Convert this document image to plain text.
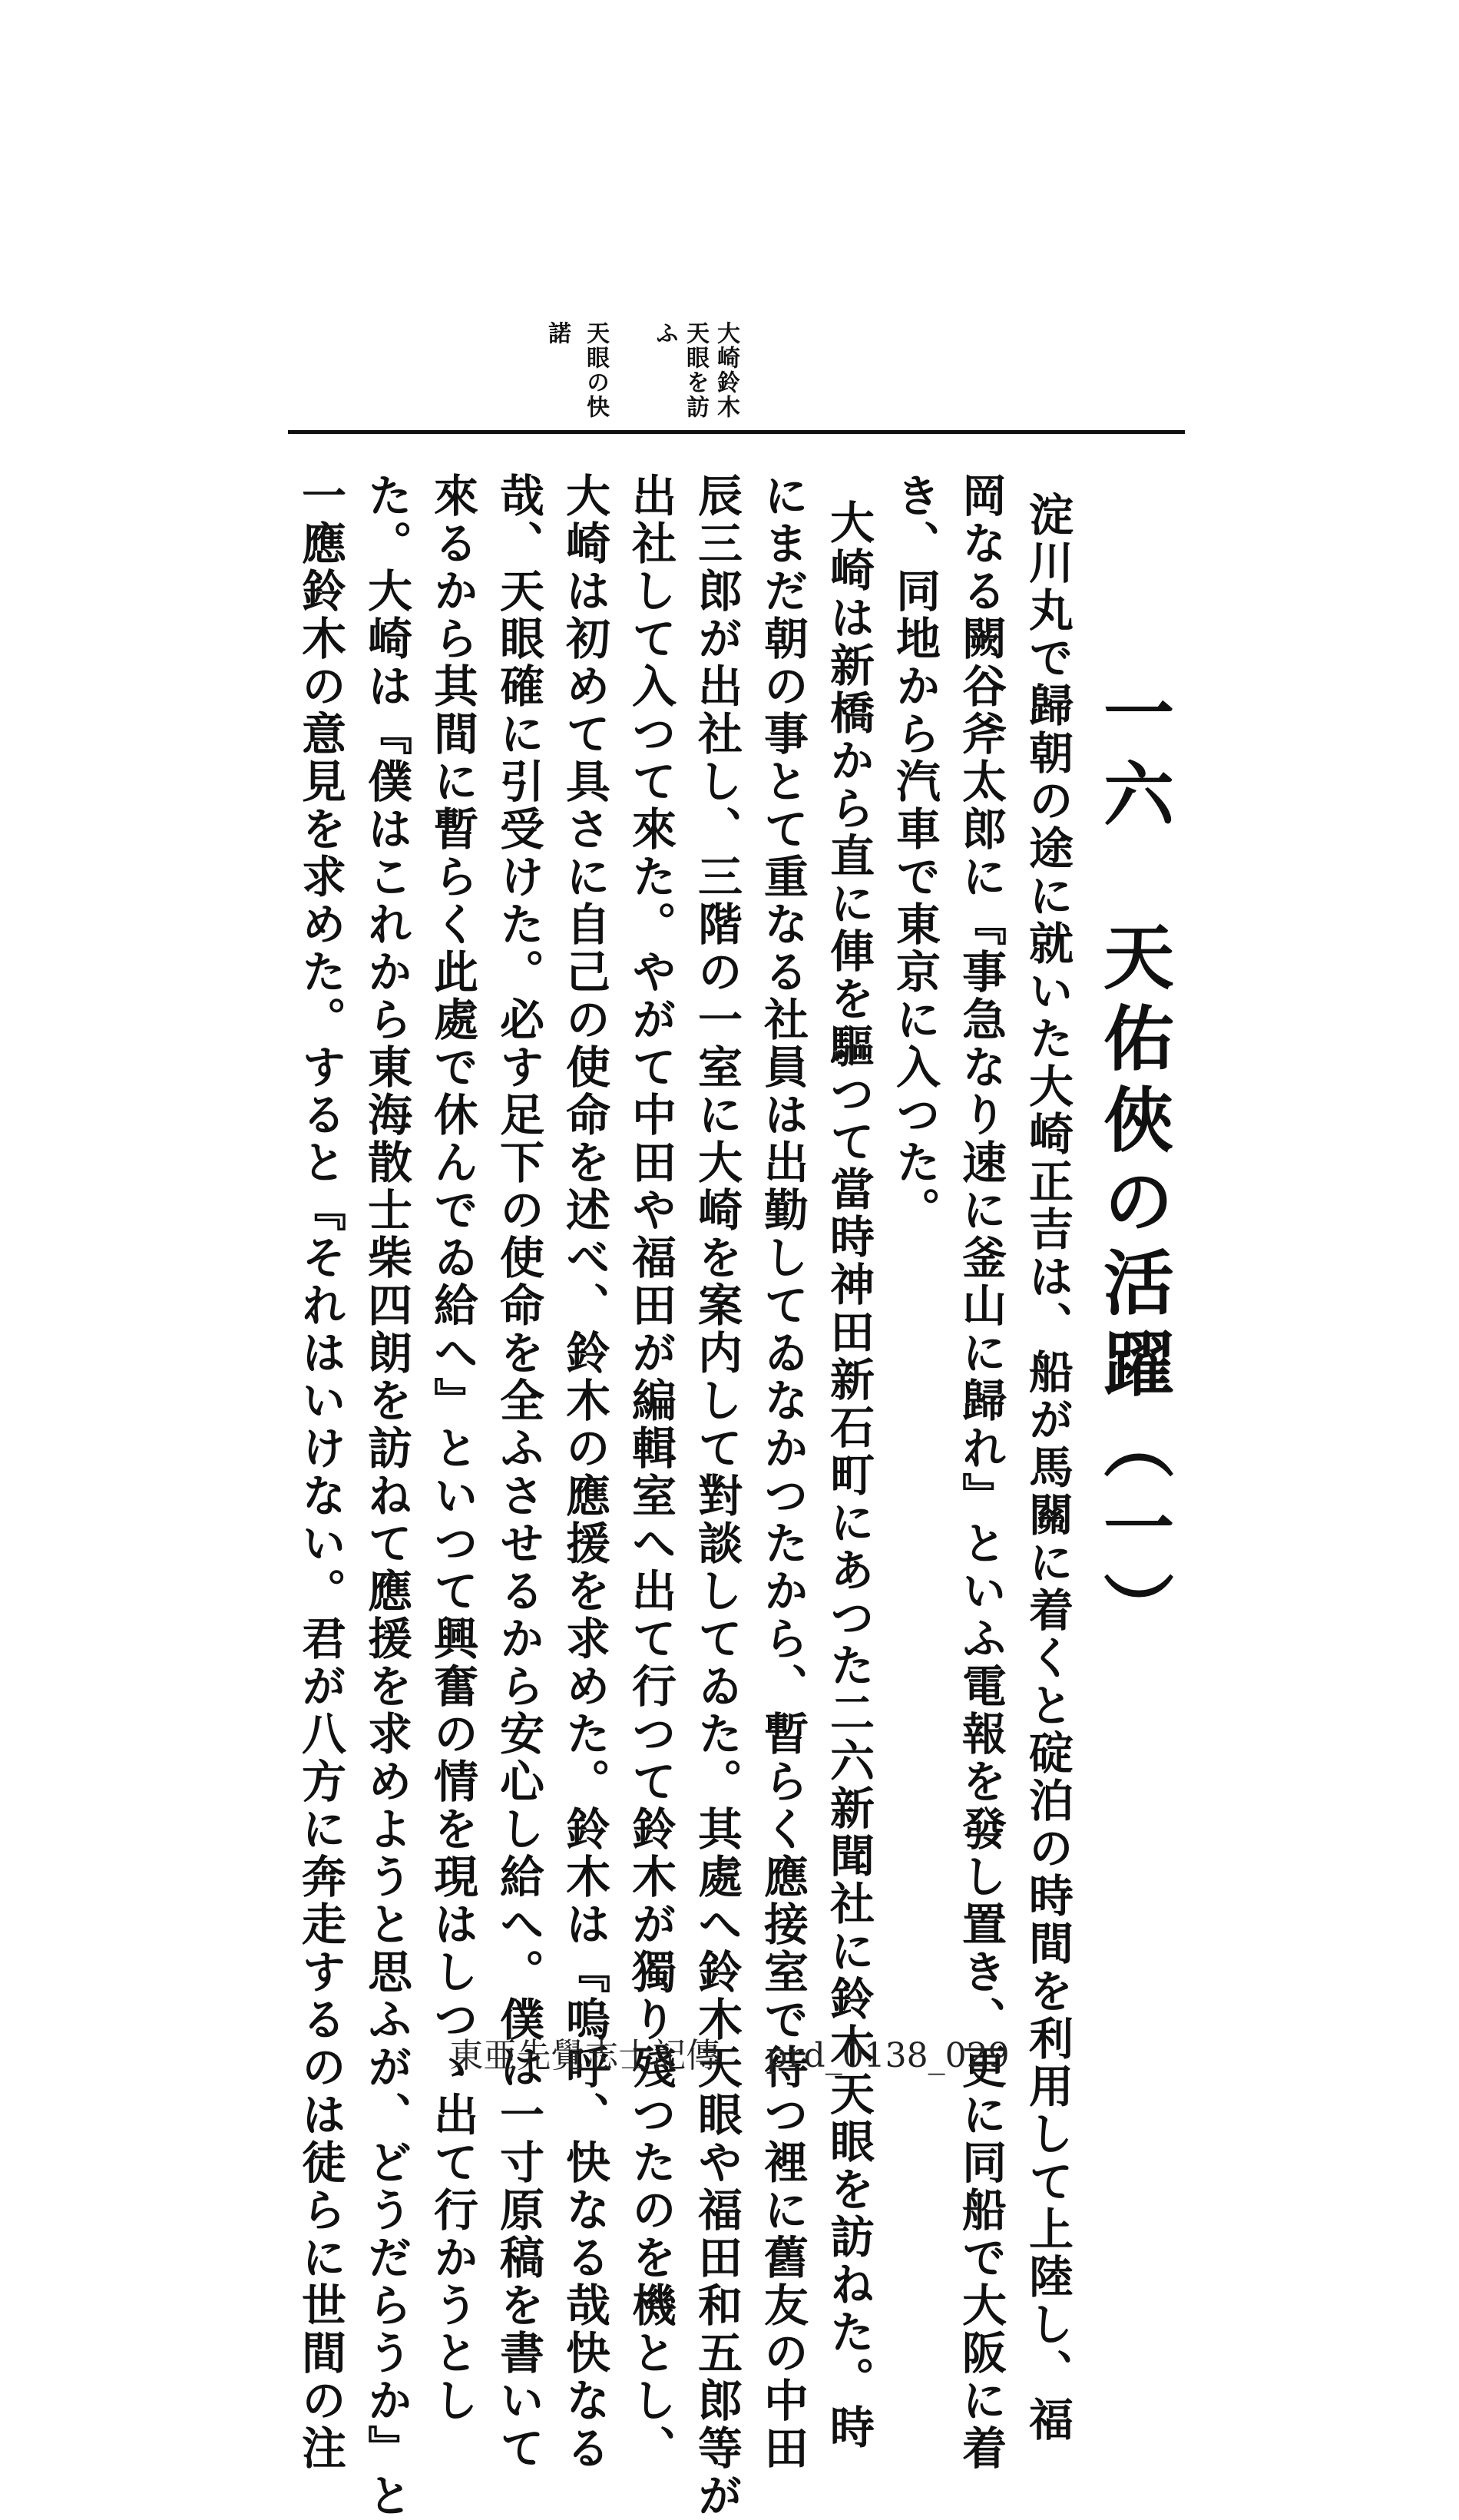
大崎鈴木
天眼を訪
ふ
天眼の快
諾
一六　天佑俠の活躍（一）
淀川丸で歸朝の途に就いた大崎正吉は、船が馬關に着くと碇泊の時間を利用して上陸し、福
岡なる闕谷斧太郎に『事急なり速に釜山に歸れ』といふ電報を發し置き、更に同船で大阪に着
き、同地から汽車で東京に入つた。
大崎は新橋から直に俥を驅つて當時神田新石町にあつた二六新聞社に鈴木天眼を訪ねた。時
にまだ朝の事とて重なる社員は出勤してゐなかつたから、暫らく應接室で待つ裡に舊友の中田
辰三郎が出社し、三階の一室に大崎を案内して對談してゐた。其處へ鈴木天眼や福田和五郎等が
出社して入つて來た。やがて中田や福田が編輯室へ出て行つて鈴木が獨り殘つたのを機とし、
大崎は初めて具さに自己の使命を述べ、鈴木の應援を求めた。鈴木は『嗚呼、快なる哉快なる
哉、天眼確に引受けた。必す足下の使命を全ふさせるから安心し給へ。僕は一寸原稿を書いて
來るから其間に暫らく此處で休んでゐ給へ』といつて興奮の情を現はしつゝ出て行かうとし
た。大崎は『僕はこれから東海散士柴四朗を訪ねて應援を求めようと思ふが、どうだらうか』と
一應鈴木の意見を求めた。すると『それはいけない。君が八方に奔走するのは徒らに世間の注	東亜先覺志士記傳 prd_0138_029
